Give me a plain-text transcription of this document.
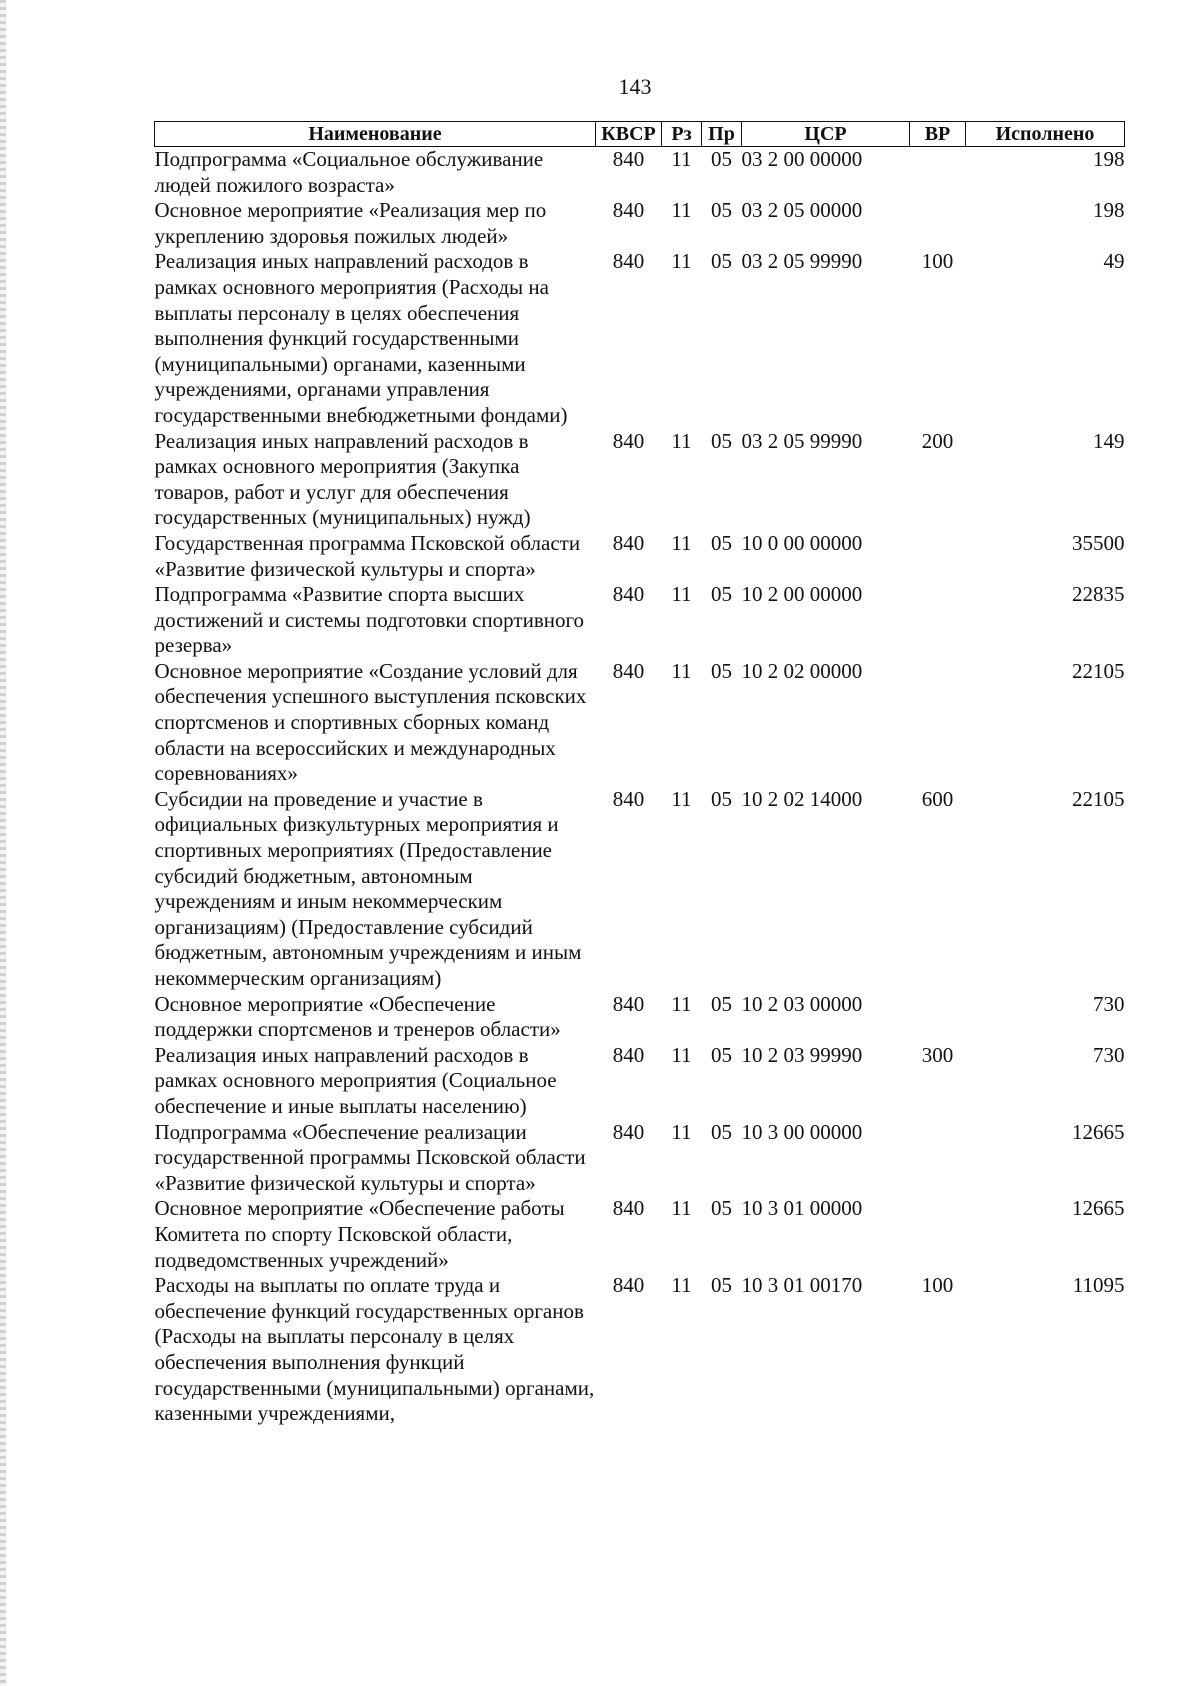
143
Наименование	КВСР	Рз	Пр	ЦСР	ВР	Исполнено
Подпрограмма «Социальное обслуживание людей пожилого возраста»	840	11	05	03 2 00 00000		198
Основное мероприятие «Реализация мер по укреплению здоровья пожилых людей»	840	11	05	03 2 05 00000		198
Реализация иных направлений расходов в рамках основного мероприятия (Расходы на выплаты персоналу в целях обеспечения выполнения функций государственными (муниципальными) органами, казенными учреждениями, органами управления государственными внебюджетными фондами)	840	11	05	03 2 05 99990	100	49
Реализация иных направлений расходов в рамках основного мероприятия (Закупка товаров, работ и услуг для обеспечения государственных (муниципальных) нужд)	840	11	05	03 2 05 99990	200	149
Государственная программа Псковской области «Развитие физической культуры и спорта»	840	11	05	10 0 00 00000		35500
Подпрограмма «Развитие спорта высших достижений и системы подготовки спортивного резерва»	840	11	05	10 2 00 00000		22835
Основное мероприятие «Создание условий для обеспечения успешного выступления псковских спортсменов и спортивных сборных команд области на всероссийских и международных соревнованиях»	840	11	05	10 2 02 00000		22105
Субсидии на проведение и участие в официальных физкультурных мероприятия и спортивных мероприятиях (Предоставление субсидий бюджетным, автономным учреждениям и иным некоммерческим организациям) (Предоставление субсидий бюджетным, автономным учреждениям и иным некоммерческим организациям)	840	11	05	10 2 02 14000	600	22105
Основное мероприятие «Обеспечение поддержки спортсменов и тренеров области»	840	11	05	10 2 03 00000		730
Реализация иных направлений расходов в рамках основного мероприятия (Социальное обеспечение и иные выплаты населению)	840	11	05	10 2 03 99990	300	730
Подпрограмма «Обеспечение реализации государственной программы Псковской области «Развитие физической культуры и спорта»	840	11	05	10 3 00 00000		12665
Основное мероприятие «Обеспечение работы Комитета по спорту Псковской области, подведомственных учреждений»	840	11	05	10 3 01 00000		12665
Расходы на выплаты по оплате труда и обеспечение функций государственных органов (Расходы на выплаты персоналу в целях обеспечения выполнения функций государственными (муниципальными) органами, казенными учреждениями,	840	11	05	10 3 01 00170	100	11095
